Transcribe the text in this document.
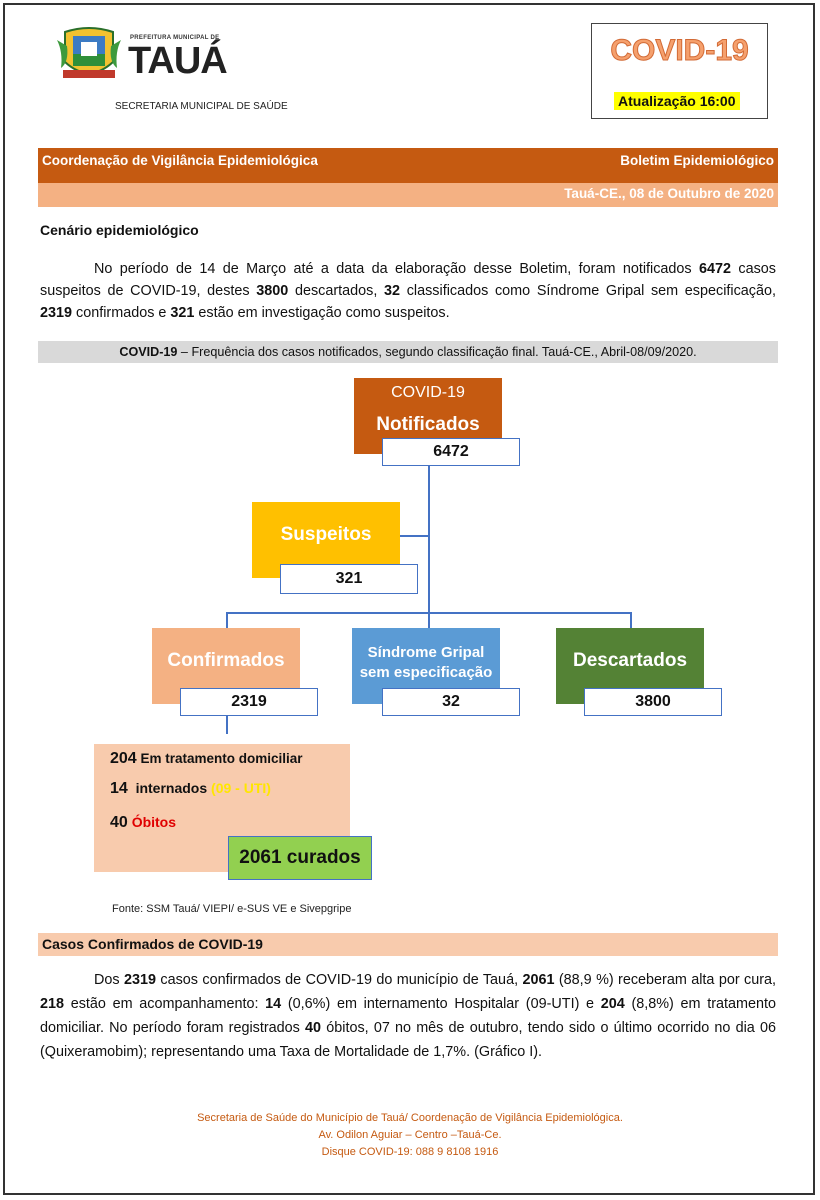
PREFEITURA MUNICIPAL DE
TAUÁ
SECRETARIA MUNICIPAL DE SAÚDE
COVID-19
Atualização 16:00
Coordenação de Vigilância Epidemiológica	Boletim Epidemiológico
Tauá-CE., 08 de Outubro de 2020
Cenário epidemiológico
No período de 14 de Março até a data da elaboração desse Boletim, foram notificados 6472 casos suspeitos de COVID-19, destes 3800 descartados, 32 classificados como Síndrome Gripal sem especificação, 2319 confirmados e 321 estão em investigação como suspeitos.
COVID-19 – Frequência dos casos notificados, segundo classificação final. Tauá-CE., Abril-08/09/2020.
COVID-19
Notificados
6472
Suspeitos
321
Confirmados
2319
Síndrome Gripal
sem especificação
32
Descartados
3800
204 Em tratamento domiciliar
14 internados (09 - UTI)
40 Óbitos
2061 curados
Fonte: SSM Tauá/ VIEPI/ e-SUS VE e Sivepgripe
Casos Confirmados de COVID-19
Dos 2319 casos confirmados de COVID-19 do município de Tauá, 2061 (88,9 %) receberam alta por cura, 218 estão em acompanhamento: 14 (0,6%) em internamento Hospitalar (09-UTI) e 204 (8,8%) em tratamento domiciliar. No período foram registrados 40 óbitos, 07 no mês de outubro, tendo sido o último ocorrido no dia 06 (Quixeramobim); representando uma Taxa de Mortalidade de 1,7%. (Gráfico I).
Secretaria de Saúde do Município de Tauá/ Coordenação de Vigilância Epidemiológica.
Av. Odilon Aguiar – Centro –Tauá-Ce.
Disque COVID-19: 088 9 8108 1916
